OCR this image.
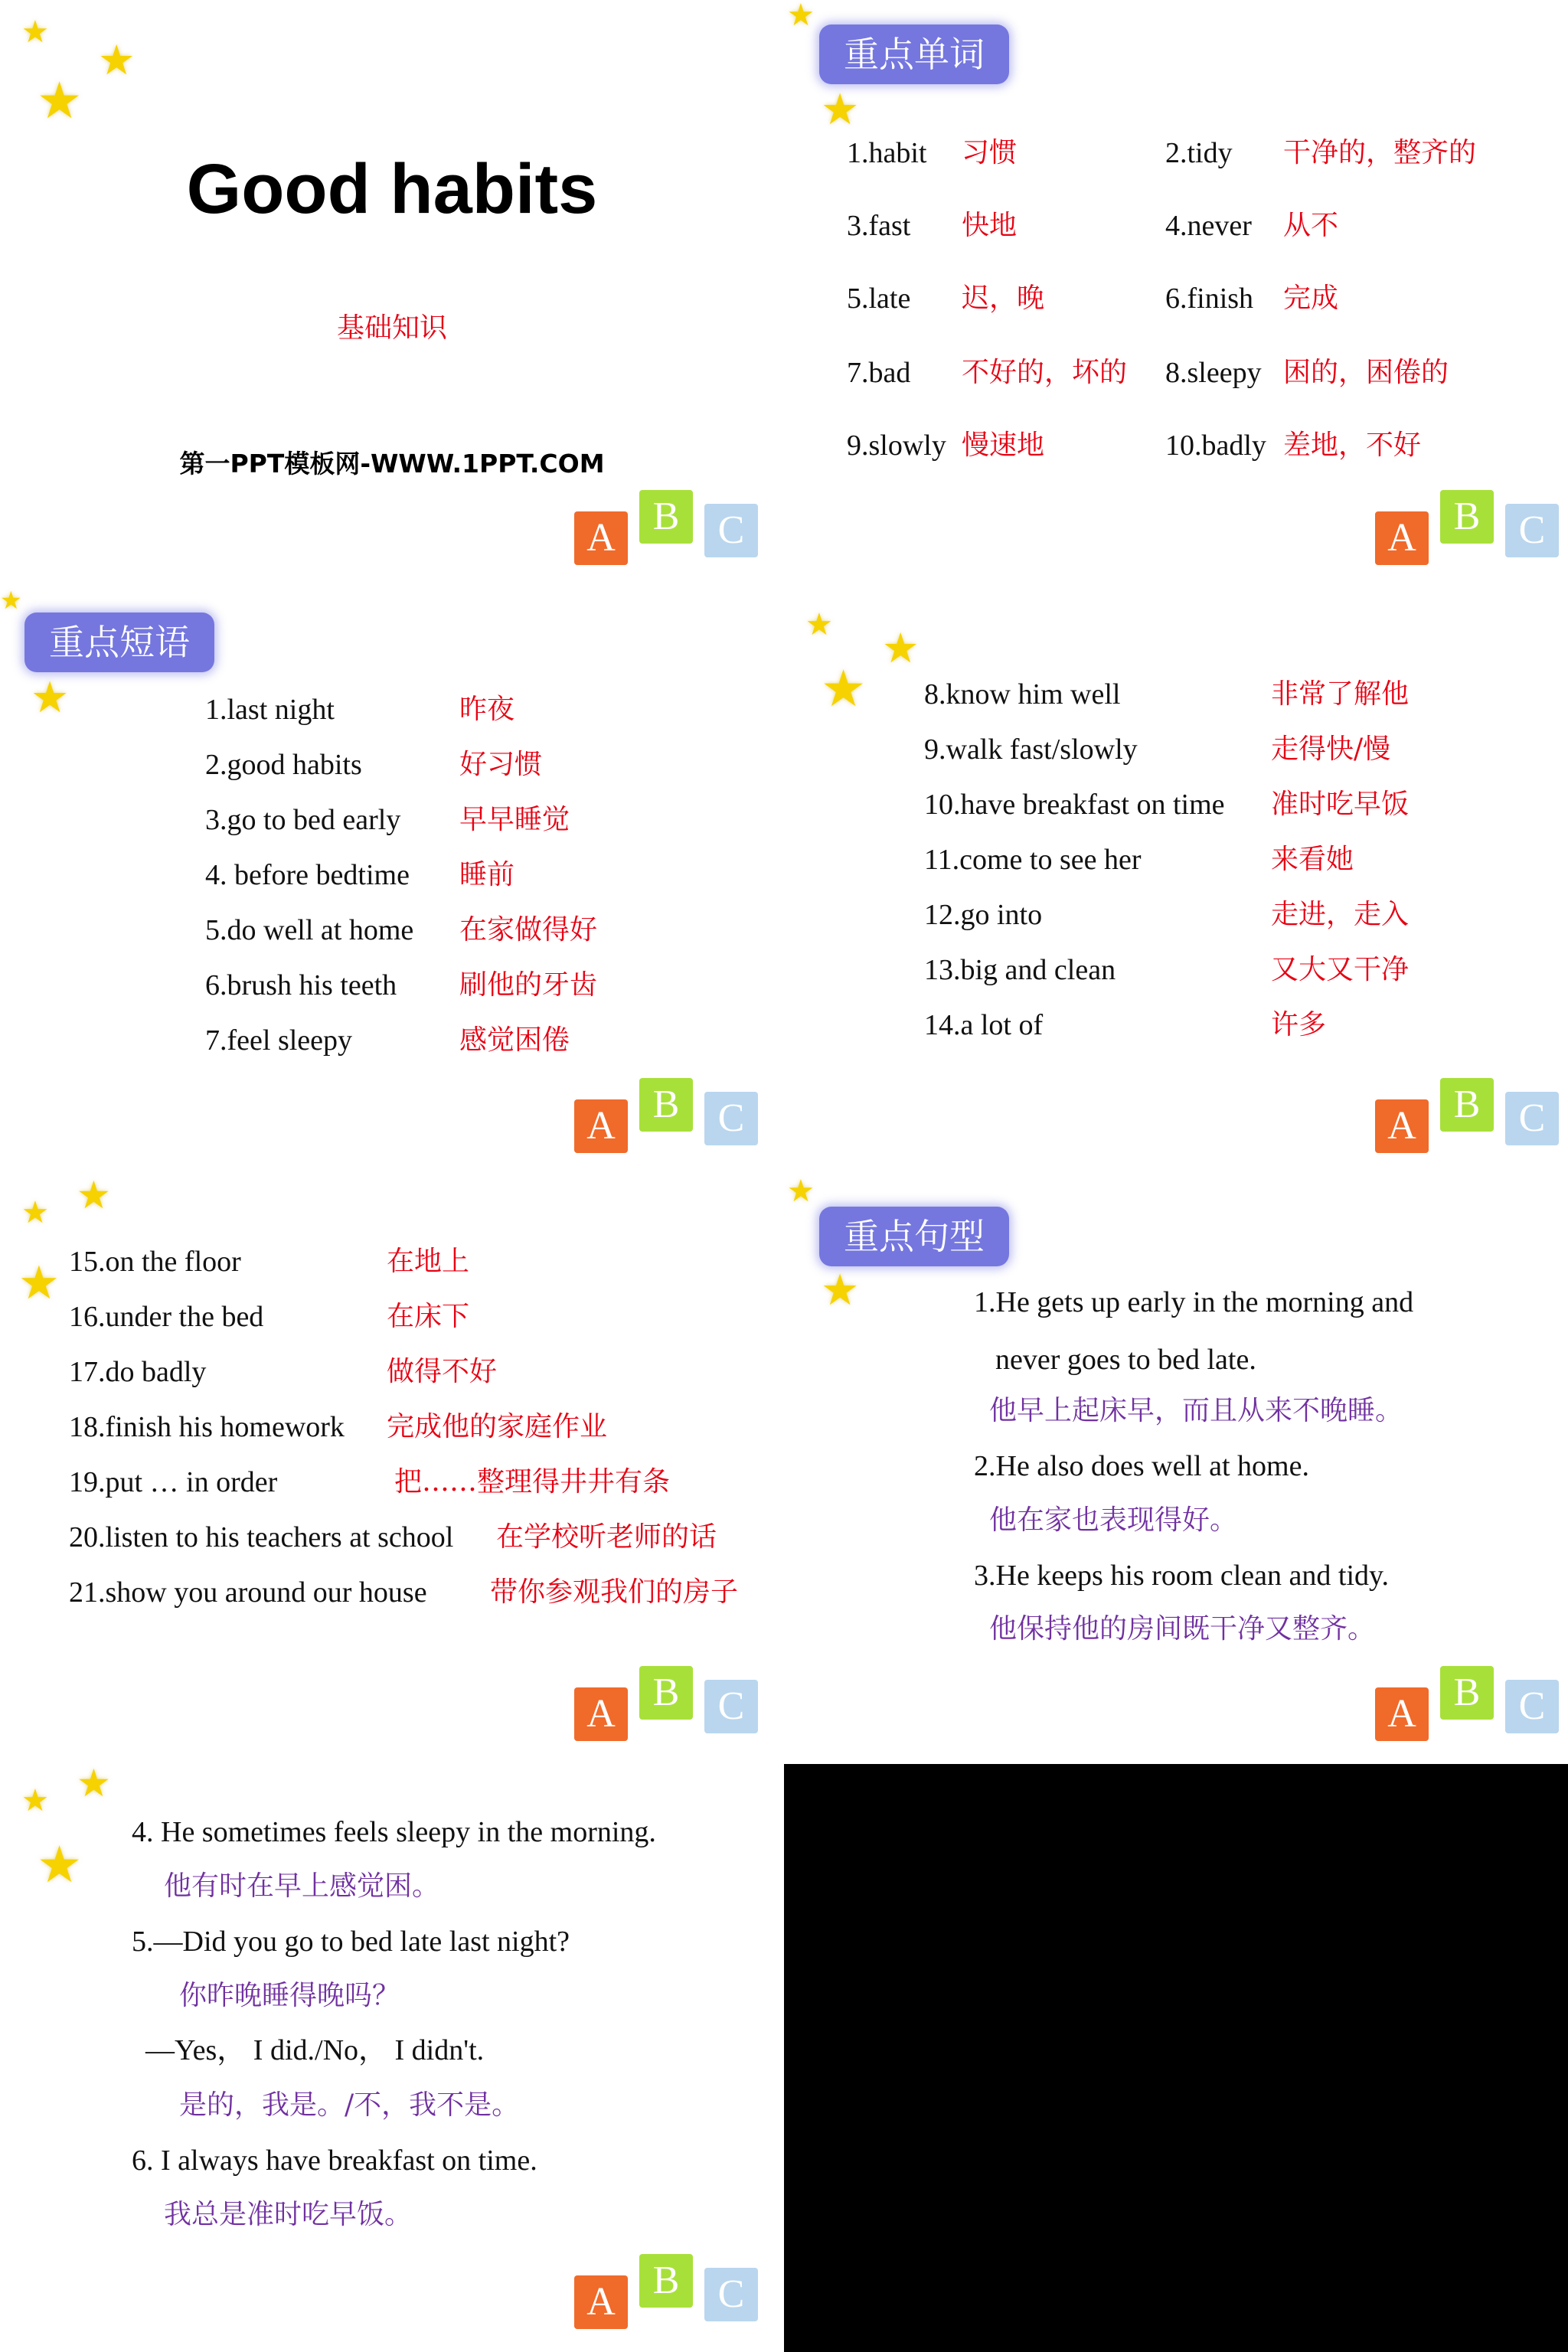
Good habits
基础知识
第一PPT模板网-WWW.1PPT.COM
★
★
★
A B C
重点单词
1.habit 习惯	2.tidy 干净的，整齐的
3.fast 快地	4.never 从不
5.late 迟，晚	6.finish 完成
7.bad 不好的，坏的 8.sleepy 困的，困倦的
9.slowly 慢速地	10.badly 差地，不好
★
★
A B C
重点短语
1.last night	昨夜
2.good habits	好习惯
3.go to bed early 早早睡觉
4. before bedtime 睡前
5.do well at home 在家做得好
6.brush his teeth 刷他的牙齿
7.feel sleepy	感觉困倦
★
★
A B C
8.know him well	非常了解他
9.walk fast/slowly	走得快/慢
10.have breakfast on time 准时吃早饭
11.come to see her	来看她
12.go into	走进，走入
13.big and clean	又大又干净
14.a lot of	许多
★
★
★
A B C
15.on the floor	在地上
16.under the bed	在床下
17.do badly	做得不好
18.finish his homework 完成他的家庭作业
19.put … in order	把……整理得井井有条
20.listen to his teachers at school 在学校听老师的话
21.show you around our house 带你参观我们的房子
★ ★
★
A B C
重点句型
1.He gets up early in the morning and
never goes to bed late.
他早上起床早，而且从来不晚睡。
2.He also does well at home.
他在家也表现得好。
3.He keeps his room clean and tidy.
他保持他的房间既干净又整齐。
★
★
A B C
4. He sometimes feels sleepy in the morning.
他有时在早上感觉困。
5.—Did you go to bed late last night?
你昨晚睡得晚吗？
—Yes， I did./No， I didn't.
是的，我是。/不，我不是。
6. I always have breakfast on time.
我总是准时吃早饭。
★ ★
★
A B C
